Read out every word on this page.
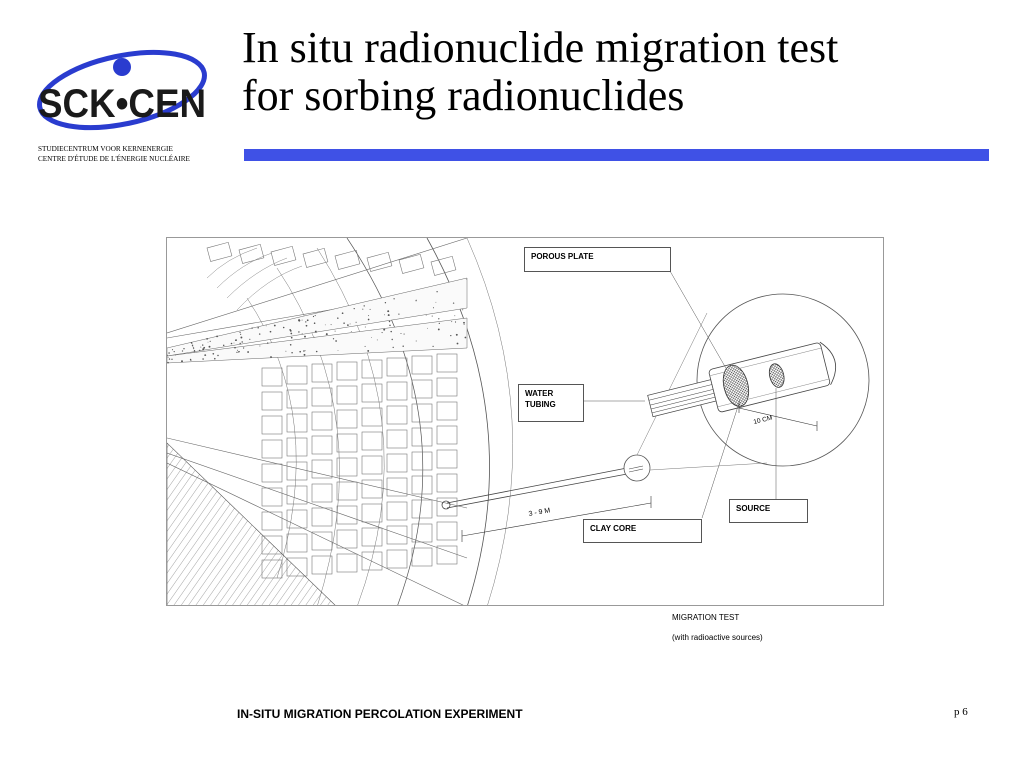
SCK•CEN
STUDIECENTRUM VOOR KERNENERGIE
CENTRE D'ÉTUDE DE L'ÉNERGIE NUCLÉAIRE
In situ radionuclide migration test
for sorbing radionuclides
3 - 9 M
10 CM
POROUS PLATE
WATER
TUBING
SOURCE
CLAY CORE
MIGRATION TEST
(with radioactive sources)
IN-SITU MIGRATION PERCOLATION EXPERIMENT	p 6
